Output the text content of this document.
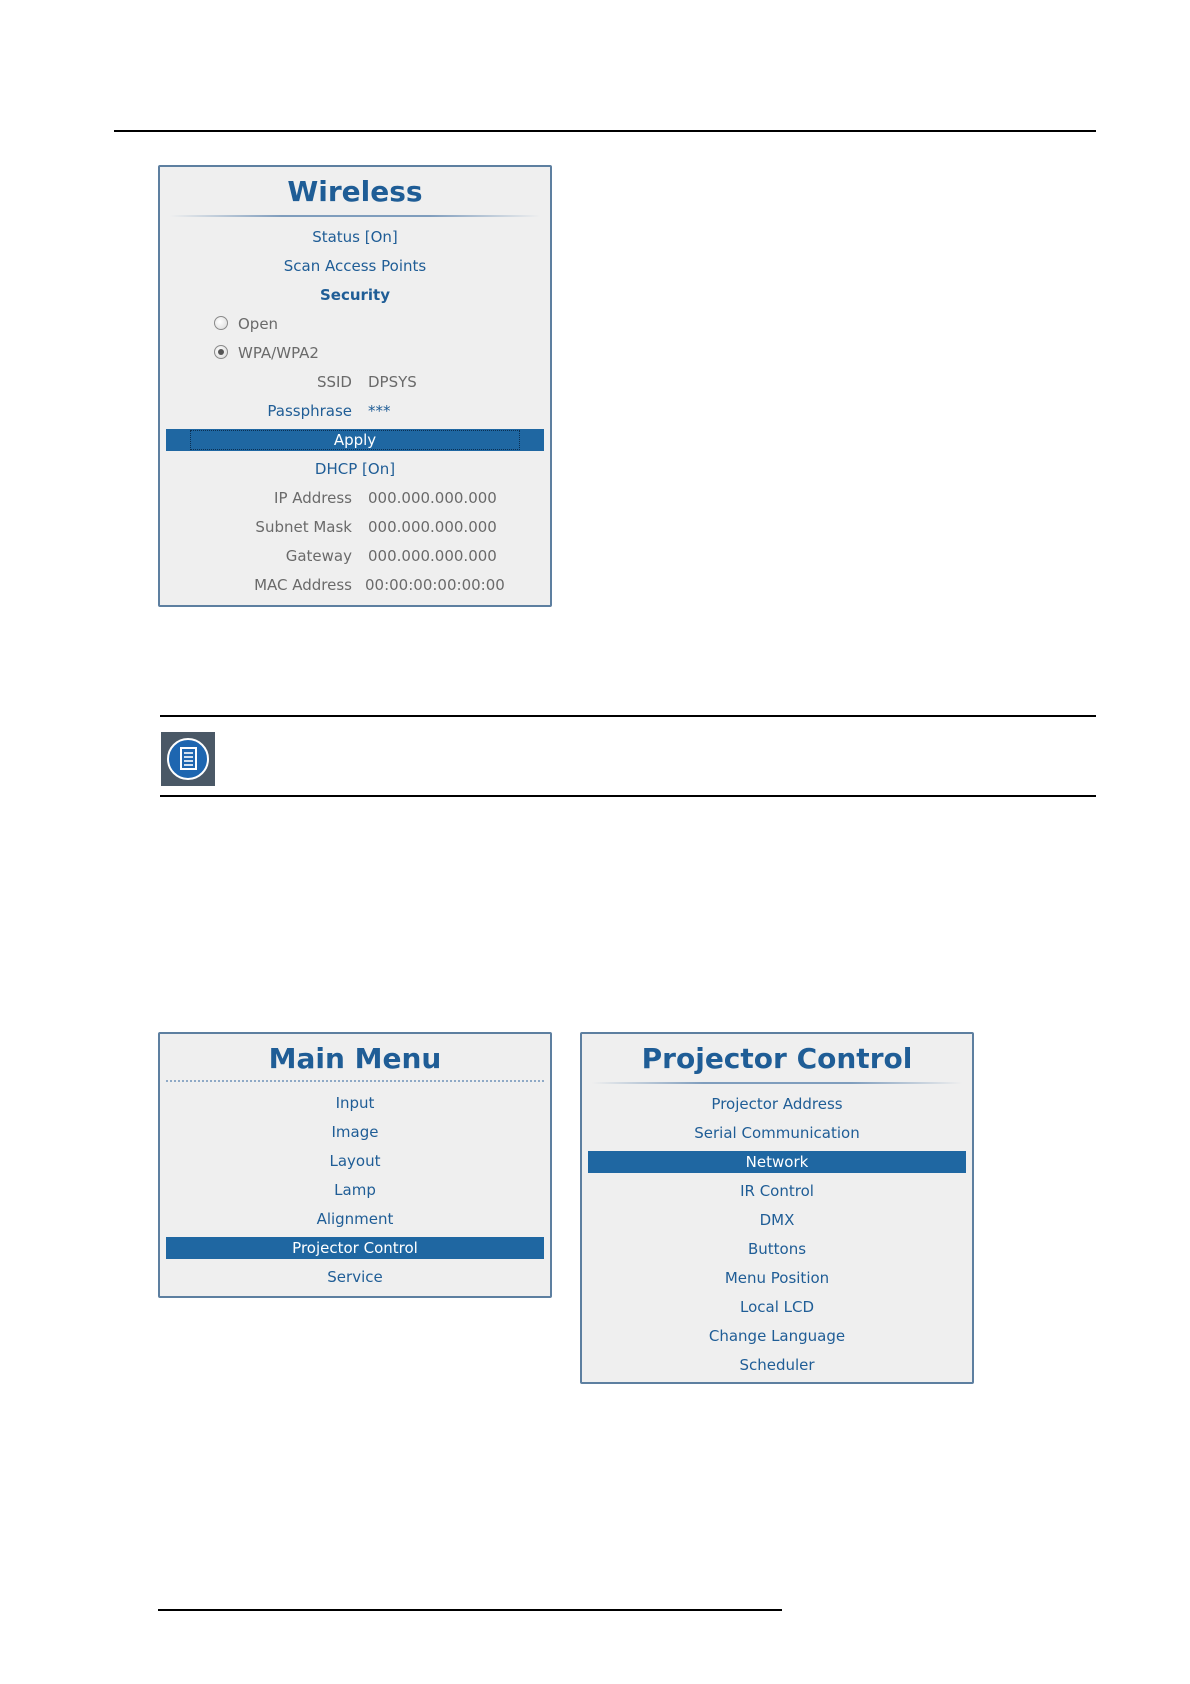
Wireless
Status [On]
Scan Access Points
Security
Open
WPA/WPA2
SSID DPSYS
Passphrase ***
Apply
DHCP [On]
IP Address 000.000.000.000
Subnet Mask 000.000.000.000
Gateway 000.000.000.000
MAC Address 00:00:00:00:00:00
Main Menu
Input
Image
Layout
Lamp
Alignment
Projector Control
Service
Projector Control
Projector Address
Serial Communication
Network
IR Control
DMX
Buttons
Menu Position
Local LCD
Change Language
Scheduler
